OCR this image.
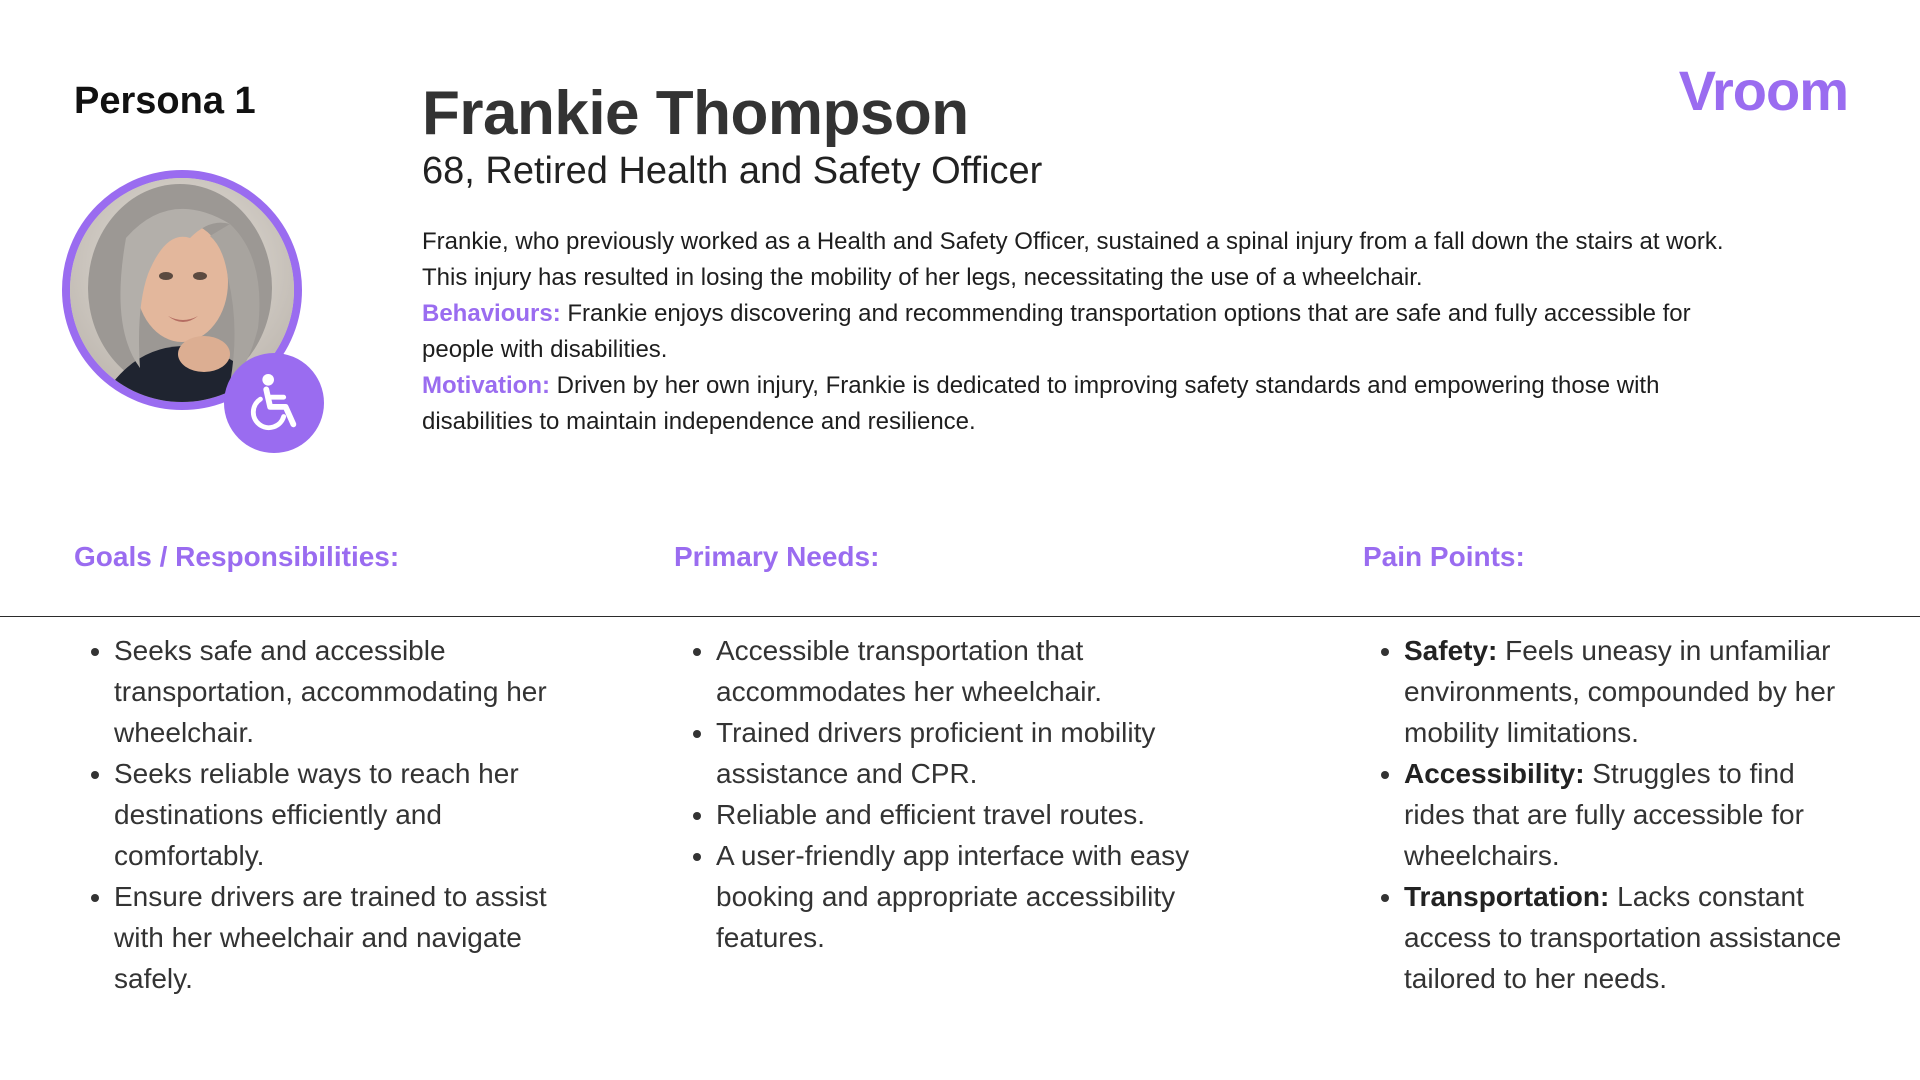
Persona 1	Vroom
Frankie Thompson
68, Retired Health and Safety Officer

Frankie, who previously worked as a Health and Safety Officer, sustained a spinal injury from a fall down the stairs at work. This injury has resulted in losing the mobility of her legs, necessitating the use of a wheelchair.

Behaviours: Frankie enjoys discovering and recommending transportation options that are safe and fully accessible for people with disabilities.

Motivation: Driven by her own injury, Frankie is dedicated to improving safety standards and empowering those with disabilities to maintain independence and resilience.

Goals / Responsibilities:	Primary Needs:	Pain Points:
• Seeks safe and accessible transportation, accommodating her wheelchair.
• Seeks reliable ways to reach her destinations efficiently and comfortably.
• Ensure drivers are trained to assist with her wheelchair and navigate safely.
• Accessible transportation that accommodates her wheelchair.
• Trained drivers proficient in mobility assistance and CPR.
• Reliable and efficient travel routes.
• A user-friendly app interface with easy booking and appropriate accessibility features.
• Safety: Feels uneasy in unfamiliar environments, compounded by her mobility limitations.
• Accessibility: Struggles to find rides that are fully accessible for wheelchairs.
• Transportation: Lacks constant access to transportation assistance tailored to her needs.
